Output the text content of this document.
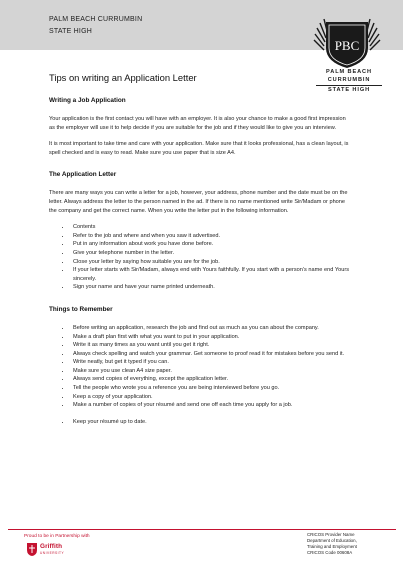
PALM BEACH CURRUMBIN
STATE HIGH
PBC
PALM BEACH
CURRUMBIN
STATE HIGH
Tips on writing an Application Letter
Writing a Job Application

Your application is the first contact you will have with an employer. It is also your chance to make a good first impression as the employer will use it to help decide if you are suitable for the job and if they would like to give you an interview.

It is most important to take time and care with your application. Make sure that it looks professional, has a clean layout, is spell checked and is easy to read. Make sure you use paper that is size A4.

The Application Letter

There are many ways you can write a letter for a job, however, your address, phone number and the date must be on the letter. Always address the letter to the person named in the ad. If there is no name mentioned write Sir/Madam or phone the company and get the correct name. When you write the letter put in the following information.

• Contents
• Refer to the job and where and when you saw it advertised.
• Put in any information about work you have done before.
• Give your telephone number in the letter.
• Close your letter by saying how suitable you are for the job.
• If your letter starts with Sir/Madam, always end with Yours faithfully. If you start with a person’s name end Yours sincerely.
• Sign your name and have your name printed underneath.
Things to Remember
• Before writing an application, research the job and find out as much as you can about the company.
• Make a draft plan first with what you want to put in your application.
• Write it as many times as you want until you get it right.
• Always check spelling and watch your grammar. Get someone to proof read it for mistakes before you send it.
• Write neatly, but get it typed if you can.
• Make sure you use clean A4 size paper.
• Always send copies of everything, except the application letter.
• Tell the people who wrote you a reference you are being interviewed before you go.
• Keep a copy of your application.
• Make a number of copies of your résumé and send one off each time you apply for a job.
• Keep your résumé up to date.
Proud to be in Partnership with
Griffith
UNIVERSITY
CRICOS Provider Name
Department of Education,
Training and Employment
CRICOS Code 00608A
